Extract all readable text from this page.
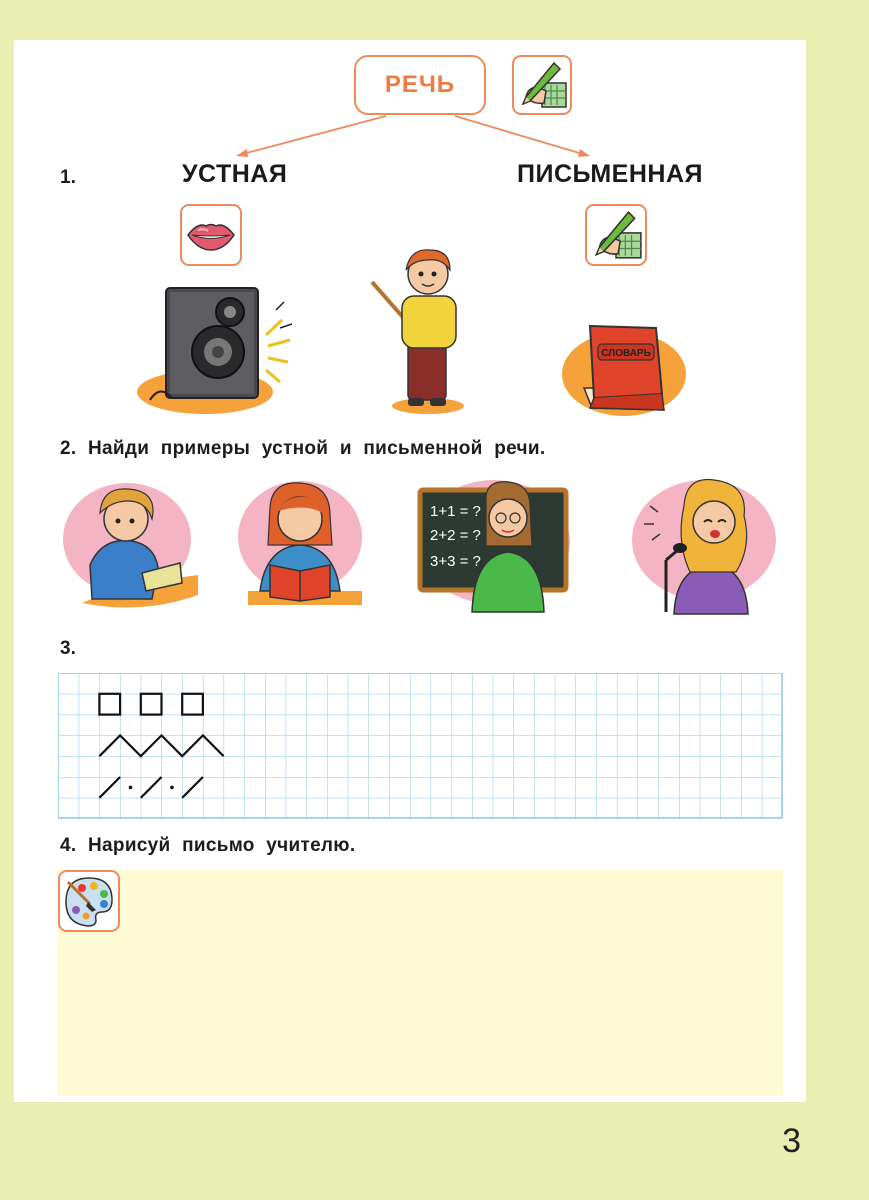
РЕЧЬ
1.	УСТНАЯ	ПИСЬМЕННАЯ
СЛОВАРЬ
2. Найди примеры устной и письменной речи.
1+1 = ?
2+2 = ?
3+3 = ?
3.
4. Нарисуй письмо учителю.
3
